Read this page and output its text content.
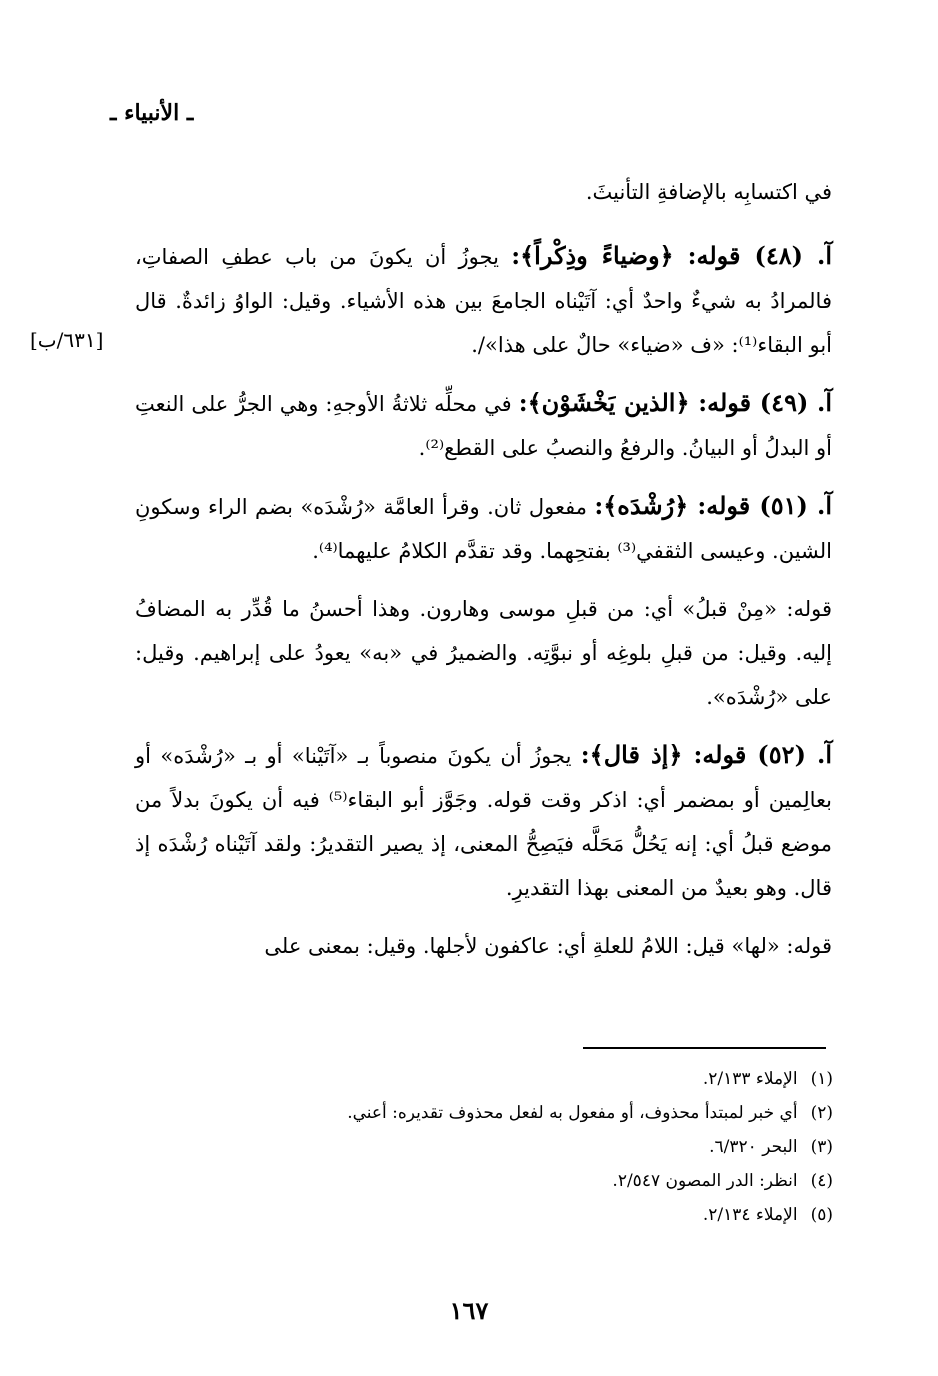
ـ الأنبياء ـ

في اكتسابِه بالإضافةِ التأنيثَ.

آ. (٤٨) قوله: ﴿وضياءً وذِكْراً﴾: يجوزُ أن يكونَ من باب عطفِ الصفاتِ، فالمرادُ به شيءٌ واحدٌ أي: آتَيْناه الجامعَ بين هذه الأشياء. وقيل: الواوُ زائدةٌ. قال أبو البقاء⁽¹⁾: «ف «ضياء» حالٌ على هذا»/.

آ. (٤٩) قوله: ﴿الذين يَخْشَوْن﴾: في محلِّه ثلاثةُ الأوجهِ: وهي الجرُّ على النعتِ أو البدلُ أو البيانُ. والرفعُ والنصبُ على القطع⁽²⁾.

آ. (٥١) قوله: ﴿رُشْدَه﴾: مفعول ثان. وقرأ العامَّة «رُشْدَه» بضم الراء وسكونِ الشين. وعيسى الثقفي⁽³⁾ بفتحِهما. وقد تقدَّم الكلامُ عليهما⁽⁴⁾.

قوله: «مِنْ قبلُ» أي: من قبلِ موسى وهارون. وهذا أحسنُ ما قُدِّر به المضافُ إليه. وقيل: من قبلِ بلوغِه أو نبوَّتِه. والضميرُ في «به» يعودُ على إبراهيم. وقيل: على «رُشْدَه».

آ. (٥٢) قوله: ﴿إذ قال﴾: يجوزُ أن يكونَ منصوباً بـ «آتَيْنا» أو بـ «رُشْدَه» أو بعالِمين أو بمضمر أي: اذكر وقت قوله. وجَوَّز أبو البقاء⁽⁵⁾ فيه أن يكونَ بدلاً من موضع قبلُ أي: إنه يَحُلُّ مَحَلَّه فيَصِحُّ المعنى، إذ يصير التقديرُ: ولقد آتَيْناه رُشْدَه إذ قال. وهو بعيدٌ من المعنى بهذا التقديرِ.

قوله: «لها» قيل: اللامُ للعلةِ أي: عاكفون لأجلها. وقيل: بمعنى على

[٦٣١/ب]
(١) الإملاء ٢/١٣٣.
(٢) أي خبر لمبتدأ محذوف، أو مفعول به لفعل محذوف تقديره: أعني.
(٣) البحر ٦/٣٢٠.
(٤) انظر: الدر المصون ٢/٥٤٧.
(٥) الإملاء ٢/١٣٤.
١٦٧
